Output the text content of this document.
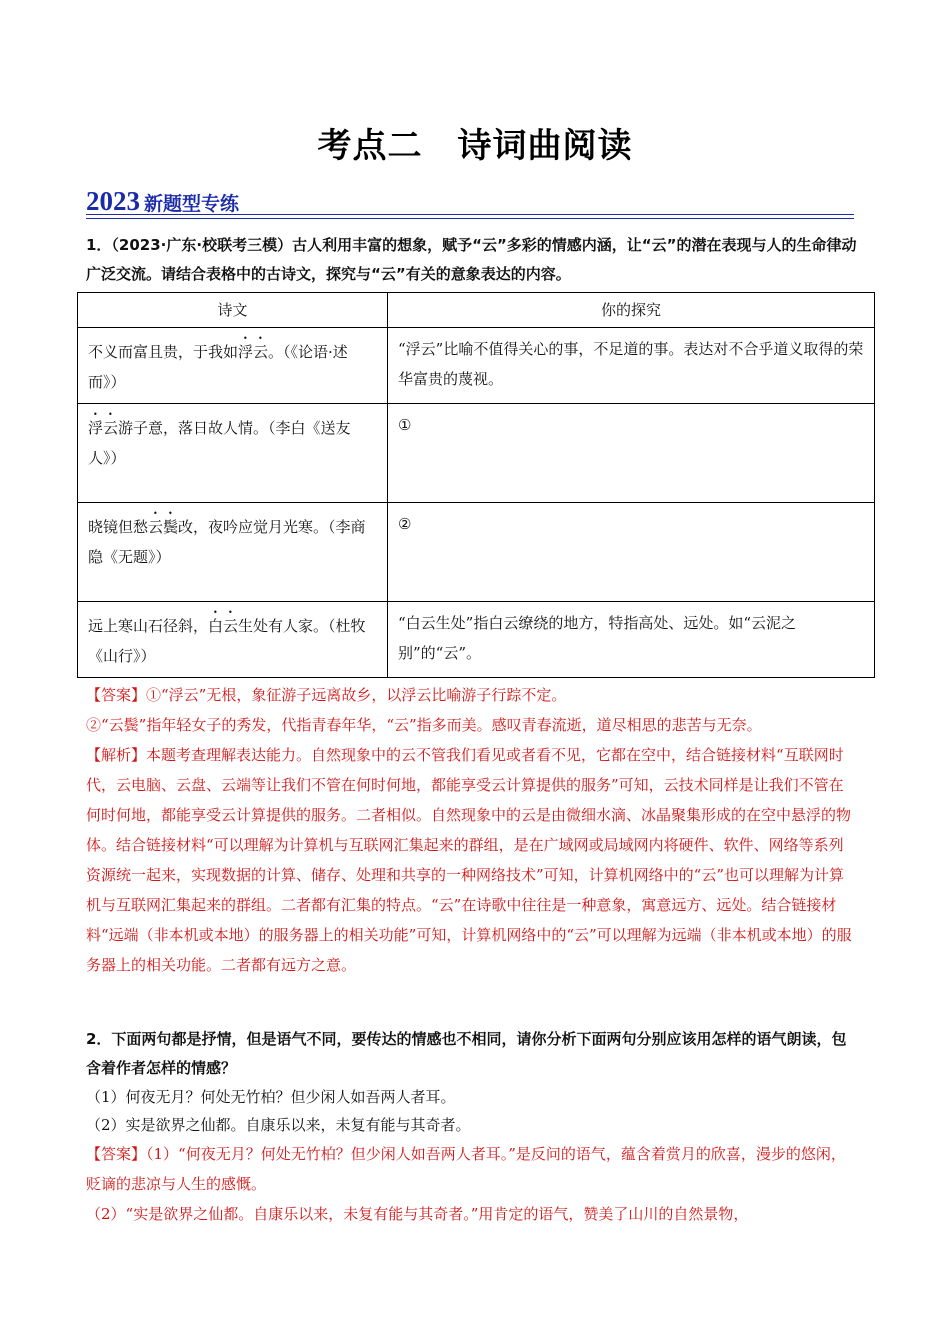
考点二　诗词曲阅读
2023 新题型专练
1．（2023·广东·校联考三模）古人利用丰富的想象，赋予“云”多彩的情感内涵，让“云”的潜在表现与人的生命律动广泛交流。请结合表格中的古诗文，探究与“云”有关的意象表达的内容。
诗文	你的探究
不义而富且贵，于我如浮云。（《论语·述而》）	“浮云”比喻不值得关心的事，不足道的事。表达对不合乎道义取得的荣华富贵的蔑视。
浮云游子意，落日故人情。（李白《送友人》）	①
晓镜但愁云鬓改，夜吟应觉月光寒。（李商隐《无题》）	②
远上寒山石径斜，白云生处有人家。（杜牧《山行》）	“白云生处”指白云缭绕的地方，特指高处、远处。如“云泥之别”的“云”。
【答案】①“浮云”无根，象征游子远离故乡，以浮云比喻游子行踪不定。
②“云鬓”指年轻女子的秀发，代指青春年华，“云”指多而美。感叹青春流逝，道尽相思的悲苦与无奈。
【解析】本题考查理解表达能力。自然现象中的云不管我们看见或者看不见，它都在空中，结合链接材料“互联网时代，云电脑、云盘、云端等让我们不管在何时何地，都能享受云计算提供的服务”可知，云技术同样是让我们不管在何时何地，都能享受云计算提供的服务。二者相似。自然现象中的云是由微细水滴、冰晶聚集形成的在空中悬浮的物体。结合链接材料“可以理解为计算机与互联网汇集起来的群组，是在广域网或局域网内将硬件、软件、网络等系列资源统一起来，实现数据的计算、储存、处理和共享的一种网络技术”可知，计算机网络中的“云”也可以理解为计算机与互联网汇集起来的群组。二者都有汇集的特点。“云”在诗歌中往往是一种意象，寓意远方、远处。结合链接材料“远端（非本机或本地）的服务器上的相关功能”可知，计算机网络中的“云”可以理解为远端（非本机或本地）的服务器上的相关功能。二者都有远方之意。
2．下面两句都是抒情，但是语气不同，要传达的情感也不相同，请你分析下面两句分别应该用怎样的语气朗读，包含着作者怎样的情感？
（1）何夜无月？何处无竹柏？但少闲人如吾两人者耳。
（2）实是欲界之仙都。自康乐以来，未复有能与其奇者。
【答案】（1）“何夜无月？何处无竹柏？但少闲人如吾两人者耳。”是反问的语气，蕴含着赏月的欣喜，漫步的悠闲，贬谪的悲凉与人生的感慨。
（2）“实是欲界之仙都。自康乐以来，未复有能与其奇者。”用肯定的语气，赞美了山川的自然景物，
